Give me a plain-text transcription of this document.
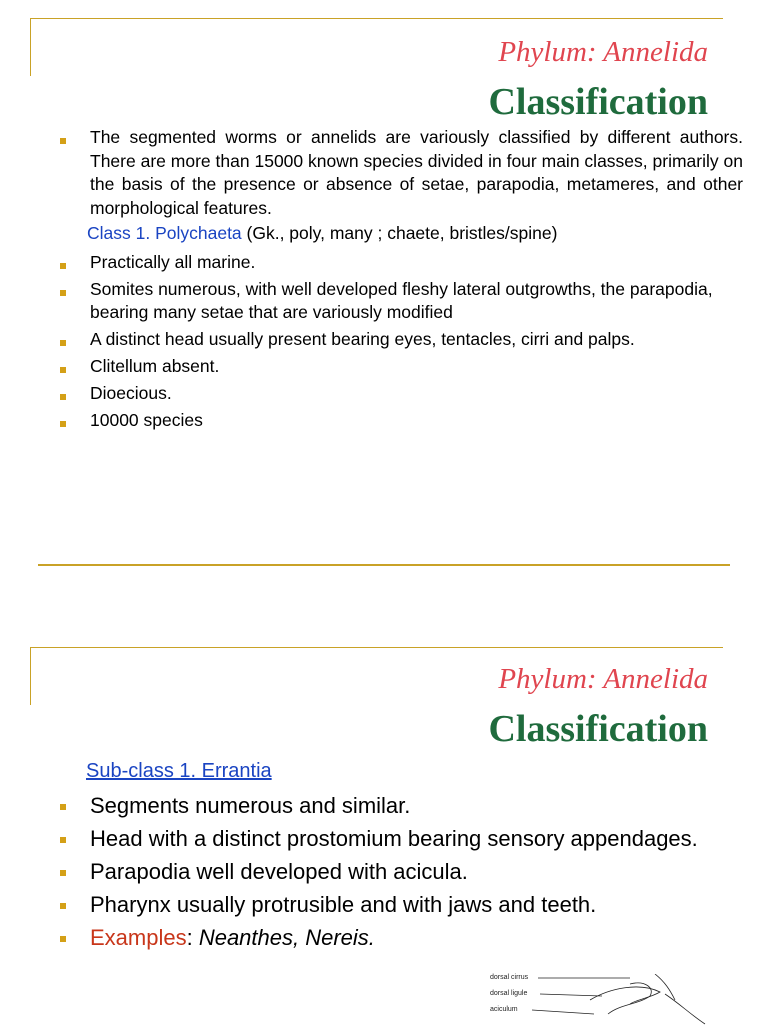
Phylum: Annelida
Classification
The segmented worms or annelids are variously classified by different authors. There are more than 15000 known species divided in four main classes, primarily on the basis of the presence or absence of setae, parapodia, metameres, and other morphological features.
Class 1. Polychaeta (Gk., poly, many ; chaete, bristles/spine)
Practically all marine.
Somites numerous, with well developed fleshy lateral outgrowths, the parapodia, bearing many setae that are variously modified
A distinct head usually present bearing eyes, tentacles, cirri and palps.
Clitellum absent.
Dioecious.
10000 species
Phylum: Annelida
Classification
Sub-class 1. Errantia
Segments numerous and similar.
Head with a distinct prostomium bearing sensory appendages.
Parapodia well developed with acicula.
Pharynx usually protrusible and with jaws and teeth.
Examples: Neanthes, Nereis.
dorsal cirrus
dorsal ligule
aciculum
